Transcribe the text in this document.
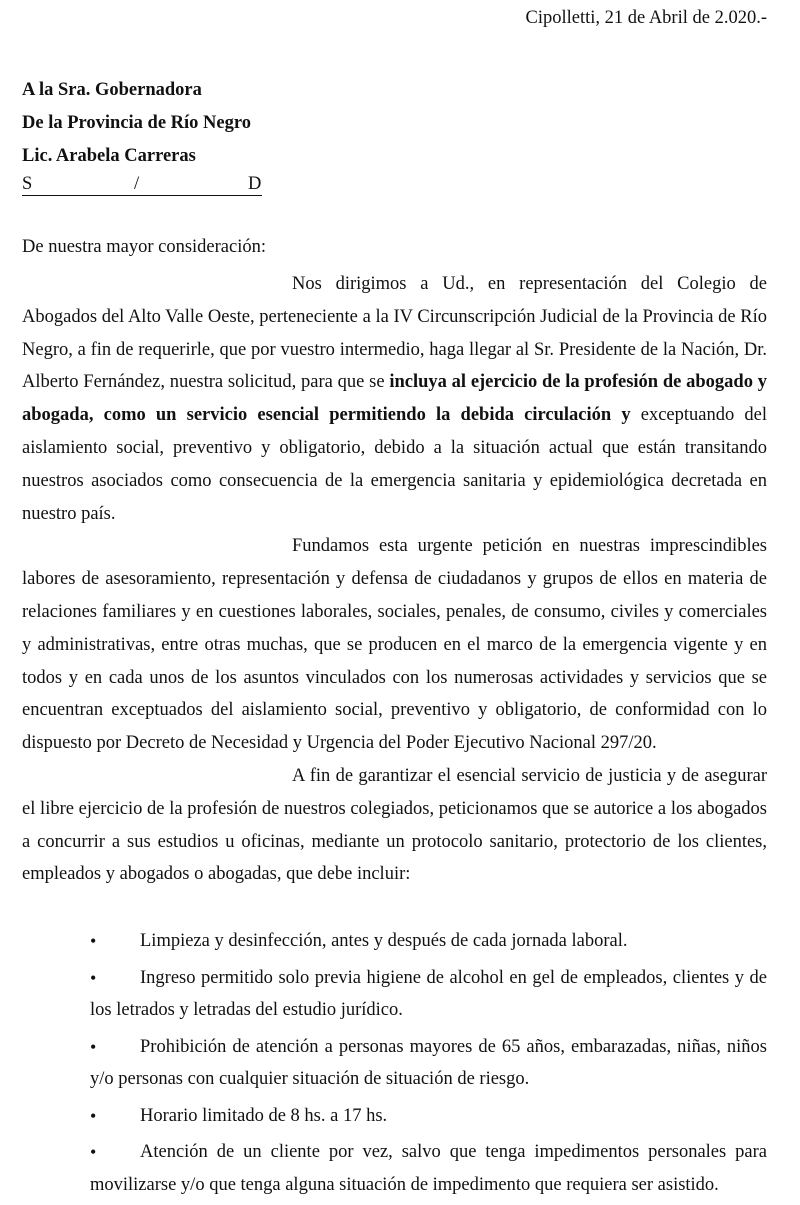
Cipolletti, 21 de Abril de 2.020.-
A la Sra. Gobernadora
De la Provincia de Río Negro
Lic. Arabela Carreras
S	/	D
De nuestra mayor consideración:

Nos dirigimos a Ud., en representación del Colegio de Abogados del Alto Valle Oeste, perteneciente a la IV Circunscripción Judicial de la Provincia de Río Negro, a fin de requerirle, que por vuestro intermedio, haga llegar al Sr. Presidente de la Nación, Dr. Alberto Fernández, nuestra solicitud, para que se incluya al ejercicio de la profesión de abogado y abogada, como un servicio esencial permitiendo la debida circulación y exceptuando del aislamiento social, preventivo y obligatorio, debido a la situación actual que están transitando nuestros asociados como consecuencia de la emergencia sanitaria y epidemiológica decretada en nuestro país.

Fundamos esta urgente petición en nuestras imprescindibles labores de asesoramiento, representación y defensa de ciudadanos y grupos de ellos en materia de relaciones familiares y en cuestiones laborales, sociales, penales, de consumo, civiles y comerciales y administrativas, entre otras muchas, que se producen en el marco de la emergencia vigente y en todos y en cada unos de los asuntos vinculados con los numerosas actividades y servicios que se encuentran exceptuados del aislamiento social, preventivo y obligatorio, de conformidad con lo dispuesto por Decreto de Necesidad y Urgencia del Poder Ejecutivo Nacional 297/20.

A fin de garantizar el esencial servicio de justicia y de asegurar el libre ejercicio de la profesión de nuestros colegiados, peticionamos que se autorice a los abogados a concurrir a sus estudios u oficinas, mediante un protocolo sanitario, protectorio de los clientes, empleados y abogados o abogadas, que debe incluir:

•	Limpieza y desinfección, antes y después de cada jornada laboral.
•	Ingreso permitido solo previa higiene de alcohol en gel de empleados, clientes y de los letrados y letradas del estudio jurídico.
•	Prohibición de atención a personas mayores de 65 años, embarazadas, niñas, niños y/o personas con cualquier situación de situación de riesgo.
•	Horario limitado de 8 hs. a 17 hs.
•	Atención de un cliente por vez, salvo que tenga impedimentos personales para movilizarse y/o que tenga alguna situación de impedimento que requiera ser asistido.
